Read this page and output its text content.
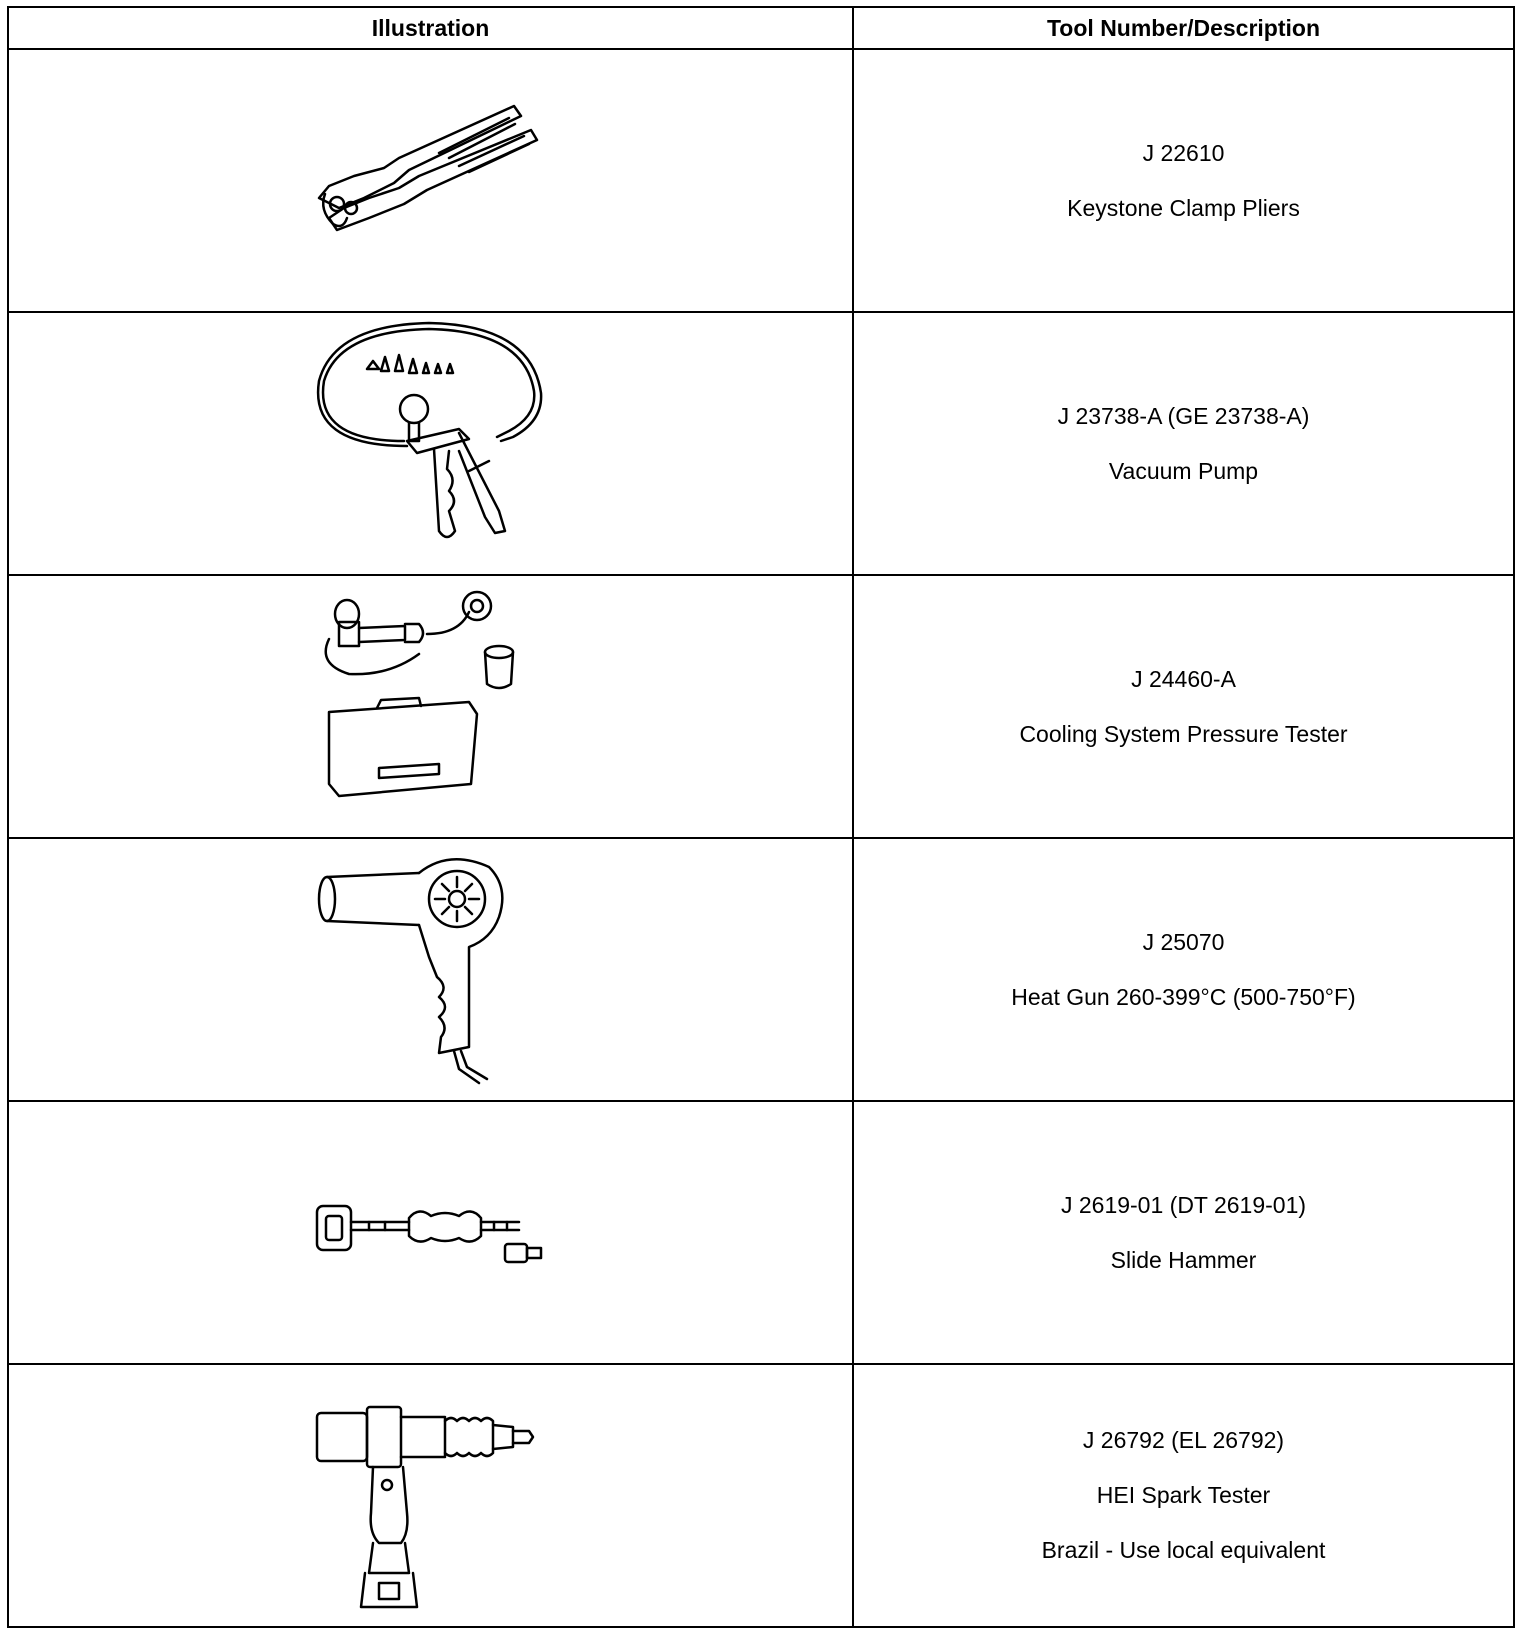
Illustration	Tool Number/Description

J 22610
Keystone Clamp Pliers

J 23738-A (GE 23738-A)
Vacuum Pump

J 24460-A
Cooling System Pressure Tester

J 25070
Heat Gun 260-399°C (500-750°F)

J 2619-01 (DT 2619-01)
Slide Hammer

J 26792 (EL 26792)
HEI Spark Tester
Brazil - Use local equivalent
